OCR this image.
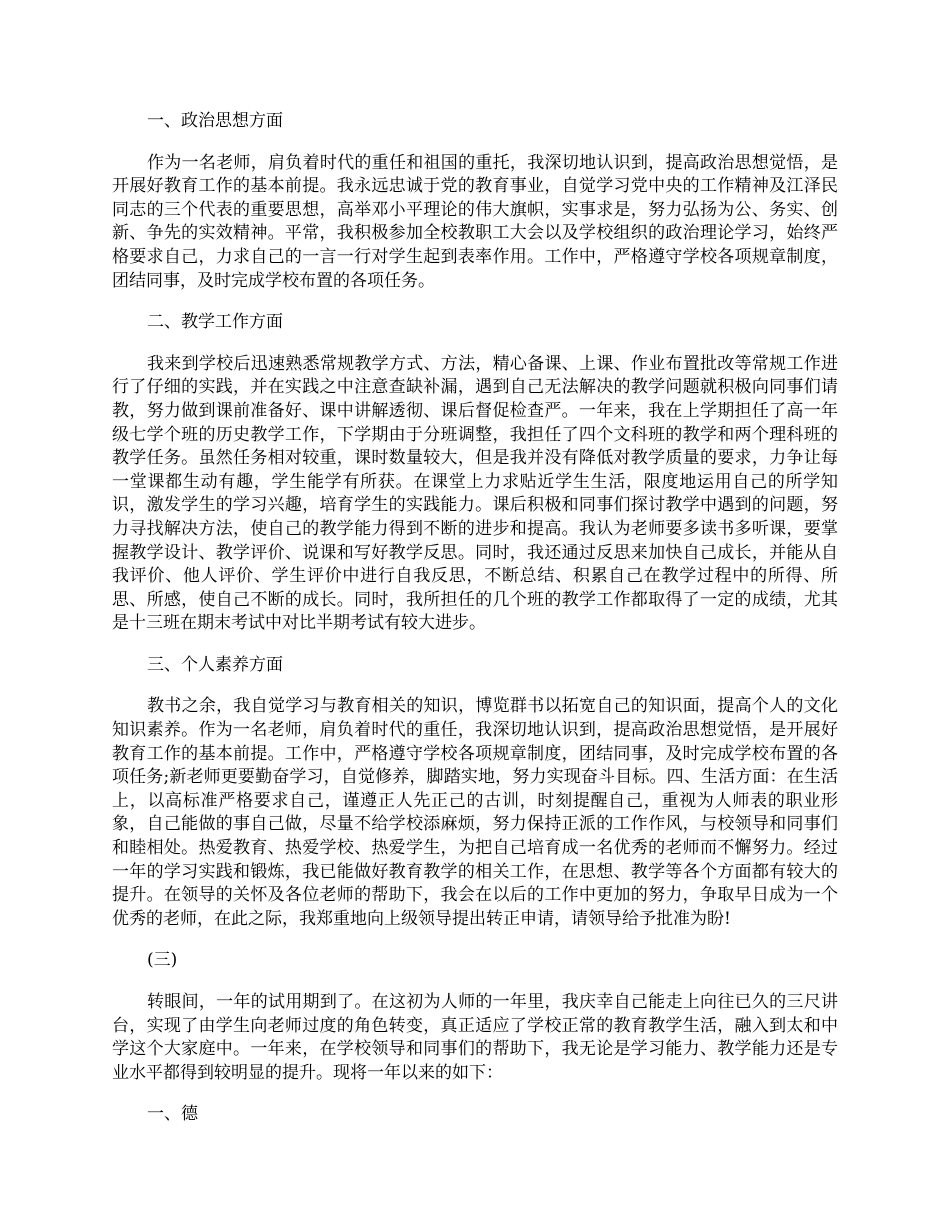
一、政治思想方面

作为一名老师，肩负着时代的重任和祖国的重托，我深切地认识到，提高政治思想觉悟，是开展好教育工作的基本前提。我永远忠诚于党的教育事业，自觉学习党中央的工作精神及江泽民同志的三个代表的重要思想，高举邓小平理论的伟大旗帜，实事求是，努力弘扬为公、务实、创新、争先的实效精神。平常，我积极参加全校教职工大会以及学校组织的政治理论学习，始终严格要求自己，力求自己的一言一行对学生起到表率作用。工作中，严格遵守学校各项规章制度，团结同事，及时完成学校布置的各项任务。

二、教学工作方面

我来到学校后迅速熟悉常规教学方式、方法，精心备课、上课、作业布置批改等常规工作进行了仔细的实践，并在实践之中注意查缺补漏，遇到自己无法解决的教学问题就积极向同事们请教，努力做到课前准备好、课中讲解透彻、课后督促检查严。一年来，我在上学期担任了高一年级七学个班的历史教学工作，下学期由于分班调整，我担任了四个文科班的教学和两个理科班的教学任务。虽然任务相对较重，课时数量较大，但是我并没有降低对教学质量的要求，力争让每一堂课都生动有趣，学生能学有所获。在课堂上力求贴近学生生活，限度地运用自己的所学知识，激发学生的学习兴趣，培育学生的实践能力。课后积极和同事们探讨教学中遇到的问题，努力寻找解决方法，使自己的教学能力得到不断的进步和提高。我认为老师要多读书多听课，要掌握教学设计、教学评价、说课和写好教学反思。同时，我还通过反思来加快自己成长，并能从自我评价、他人评价、学生评价中进行自我反思，不断总结、积累自己在教学过程中的所得、所思、所感，使自己不断的成长。同时，我所担任的几个班的教学工作都取得了一定的成绩，尤其是十三班在期末考试中对比半期考试有较大进步。

三、个人素养方面

教书之余，我自觉学习与教育相关的知识，博览群书以拓宽自己的知识面，提高个人的文化知识素养。作为一名老师，肩负着时代的重任，我深切地认识到，提高政治思想觉悟，是开展好教育工作的基本前提。工作中，严格遵守学校各项规章制度，团结同事，及时完成学校布置的各项任务;新老师更要勤奋学习，自觉修养，脚踏实地，努力实现奋斗目标。四、生活方面：在生活上，以高标准严格要求自己，谨遵正人先正己的古训，时刻提醒自己，重视为人师表的职业形象，自己能做的事自己做，尽量不给学校添麻烦，努力保持正派的工作作风，与校领导和同事们和睦相处。热爱教育、热爱学校、热爱学生，为把自己培育成一名优秀的老师而不懈努力。经过一年的学习实践和锻炼，我已能做好教育教学的相关工作，在思想、教学等各个方面都有较大的提升。在领导的关怀及各位老师的帮助下，我会在以后的工作中更加的努力，争取早日成为一个优秀的老师，在此之际，我郑重地向上级领导提出转正申请，请领导给予批准为盼!

(三)

转眼间，一年的试用期到了。在这初为人师的一年里，我庆幸自己能走上向往已久的三尺讲台，实现了由学生向老师过度的角色转变，真正适应了学校正常的教育教学生活，融入到太和中学这个大家庭中。一年来，在学校领导和同事们的帮助下，我无论是学习能力、教学能力还是专业水平都得到较明显的提升。现将一年以来的如下：

一、德
